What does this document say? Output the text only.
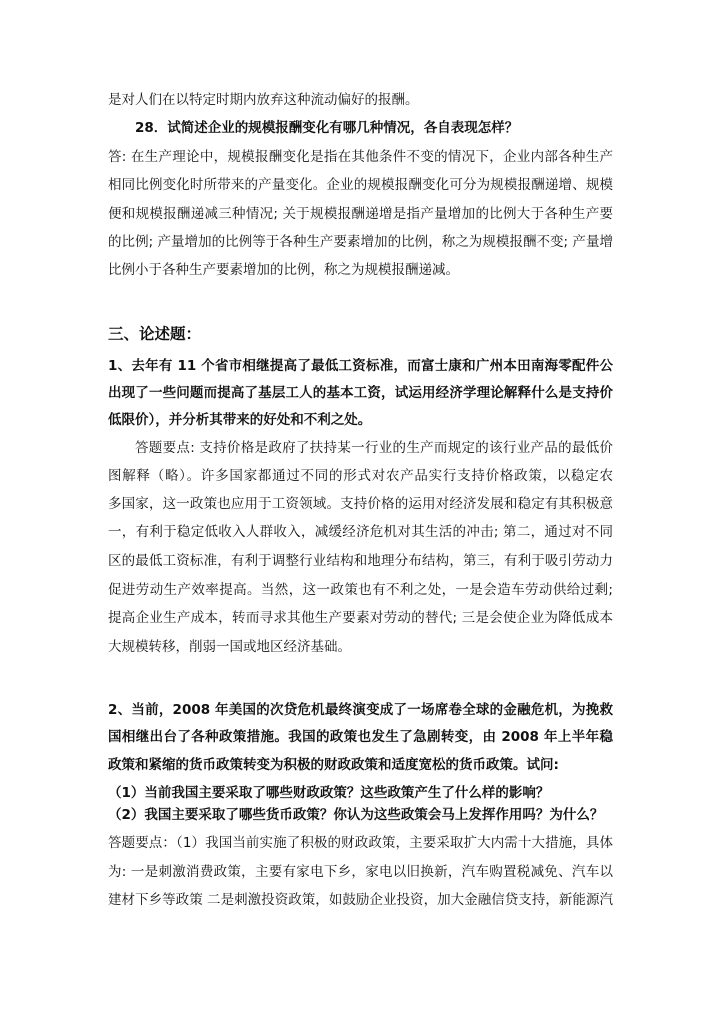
是对人们在以特定时期内放弃这种流动偏好的报酬。
28．试简述企业的规模报酬变化有哪几种情况，各自表现怎样？
答: 在生产理论中，规模报酬变化是指在其他条件不变的情况下，企业内部各种生产
相同比例变化时所带来的产量变化。企业的规模报酬变化可分为规模报酬递增、规模
便和规模报酬递减三种情况; 关于规模报酬递增是指产量增加的比例大于各种生产要
的比例; 产量增加的比例等于各种生产要素增加的比例，称之为规模报酬不变; 产量增
比例小于各种生产要素增加的比例，称之为规模报酬递减。
三、论述题：
1、去年有 11 个省市相继提高了最低工资标准，而富士康和广州本田南海零配件公
出现了一些问题而提高了基层工人的基本工资，试运用经济学理论解释什么是支持价
低限价），并分析其带来的好处和不利之处。
答题要点: 支持价格是政府了扶持某一行业的生产而规定的该行业产品的最低价
图解释（略）。许多国家都通过不同的形式对农产品实行支持价格政策，以稳定农
多国家，这一政策也应用于工资领域。支持价格的运用对经济发展和稳定有其积极意
一，有利于稳定低收入人群收入，减缓经济危机对其生活的冲击; 第二，通过对不同
区的最低工资标准，有利于调整行业结构和地理分布结构，第三，有利于吸引劳动力
促进劳动生产效率提高。当然，这一政策也有不利之处，一是会造车劳动供给过剩;
提高企业生产成本，转而寻求其他生产要素对劳动的替代; 三是会使企业为降低成本
大规模转移，削弱一国或地区经济基础。
2、当前，2008 年美国的次贷危机最终演变成了一场席卷全球的金融危机，为挽救
国相继出台了各种政策措施。我国的政策也发生了急剧转变，由 2008 年上半年稳
政策和紧缩的货币政策转变为积极的财政政策和适度宽松的货币政策。试问:
（1）当前我国主要采取了哪些财政政策？这些政策产生了什么样的影响？
（2）我国主要采取了哪些货币政策？你认为这些政策会马上发挥作用吗？为什么？
答题要点：（1）我国当前实施了积极的财政政策，主要采取扩大内需十大措施，具体
为: 一是刺激消费政策，主要有家电下乡，家电以旧换新，汽车购置税减免、汽车以
建材下乡等政策 二是刺激投资政策，如鼓励企业投资，加大金融信贷支持，新能源汽
